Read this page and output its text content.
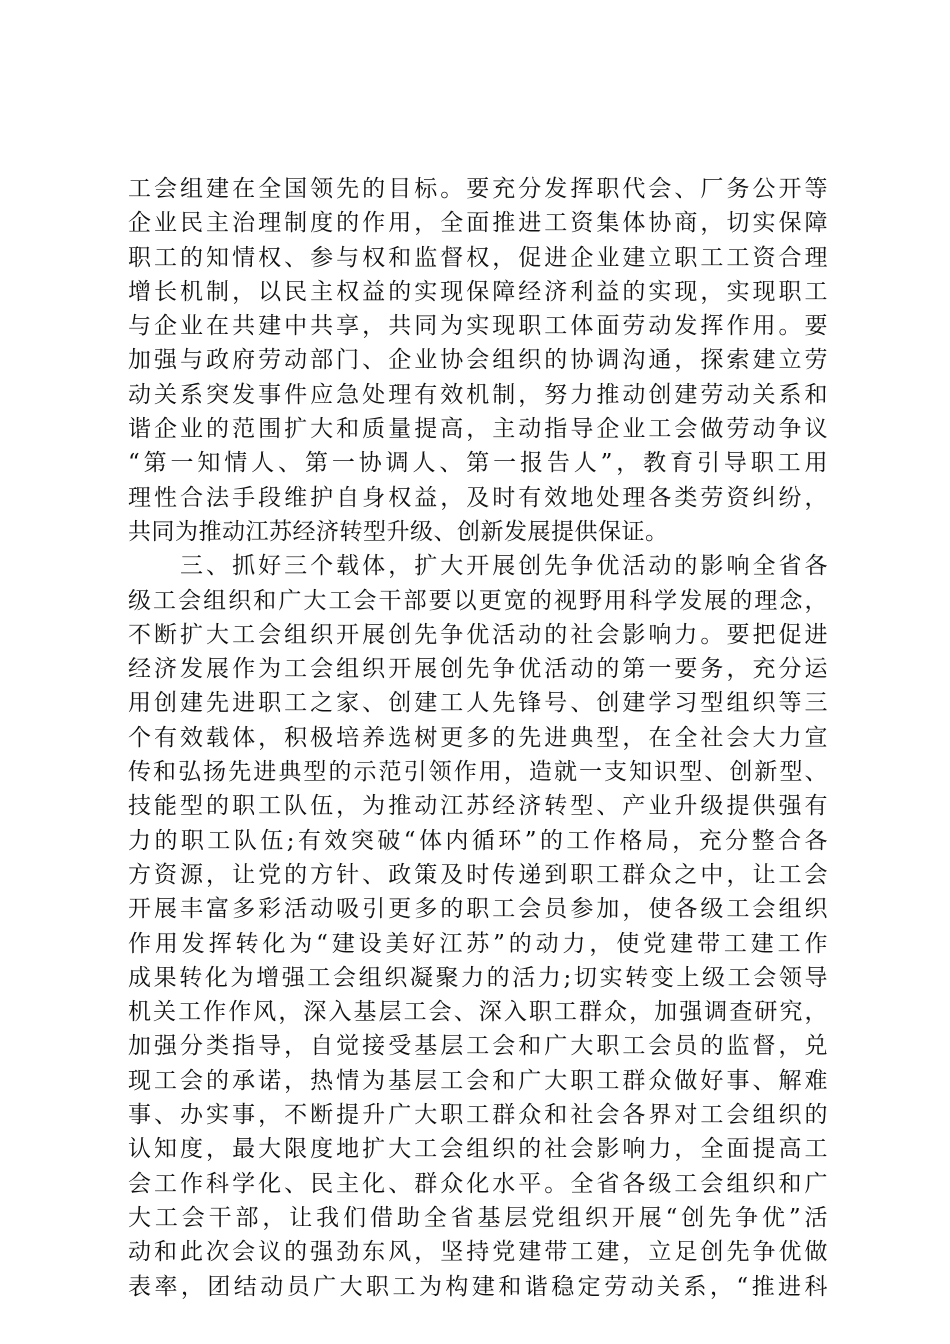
工会组建在全国领先的目标。要充分发挥职代会、厂务公开等
企业民主治理制度的作用，全面推进工资集体协商，切实保障
职工的知情权、参与权和监督权，促进企业建立职工工资合理
增长机制，以民主权益的实现保障经济利益的实现，实现职工
与企业在共建中共享，共同为实现职工体面劳动发挥作用。要
加强与政府劳动部门、企业协会组织的协调沟通，探索建立劳
动关系突发事件应急处理有效机制，努力推动创建劳动关系和
谐企业的范围扩大和质量提高，主动指导企业工会做劳动争议
“第一知情人、第一协调人、第一报告人”，教育引导职工用
理性合法手段维护自身权益，及时有效地处理各类劳资纠纷，
共同为推动江苏经济转型升级、创新发展提供保证。
　　三、抓好三个载体，扩大开展创先争优活动的影响全省各
级工会组织和广大工会干部要以更宽的视野用科学发展的理念，
不断扩大工会组织开展创先争优活动的社会影响力。要把促进
经济发展作为工会组织开展创先争优活动的第一要务，充分运
用创建先进职工之家、创建工人先锋号、创建学习型组织等三
个有效载体，积极培养选树更多的先进典型，在全社会大力宣
传和弘扬先进典型的示范引领作用，造就一支知识型、创新型、
技能型的职工队伍，为推动江苏经济转型、产业升级提供强有
力的职工队伍;有效突破“体内循环”的工作格局，充分整合各
方资源，让党的方针、政策及时传递到职工群众之中，让工会
开展丰富多彩活动吸引更多的职工会员参加，使各级工会组织
作用发挥转化为“建设美好江苏”的动力，使党建带工建工作
成果转化为增强工会组织凝聚力的活力;切实转变上级工会领导
机关工作作风，深入基层工会、深入职工群众，加强调查研究，
加强分类指导，自觉接受基层工会和广大职工会员的监督，兑
现工会的承诺，热情为基层工会和广大职工群众做好事、解难
事、办实事，不断提升广大职工群众和社会各界对工会组织的
认知度，最大限度地扩大工会组织的社会影响力，全面提高工
会工作科学化、民主化、群众化水平。全省各级工会组织和广
大工会干部，让我们借助全省基层党组织开展“创先争优”活
动和此次会议的强劲东风，坚持党建带工建，立足创先争优做
表率，团结动员广大职工为构建和谐稳定劳动关系，“推进科
